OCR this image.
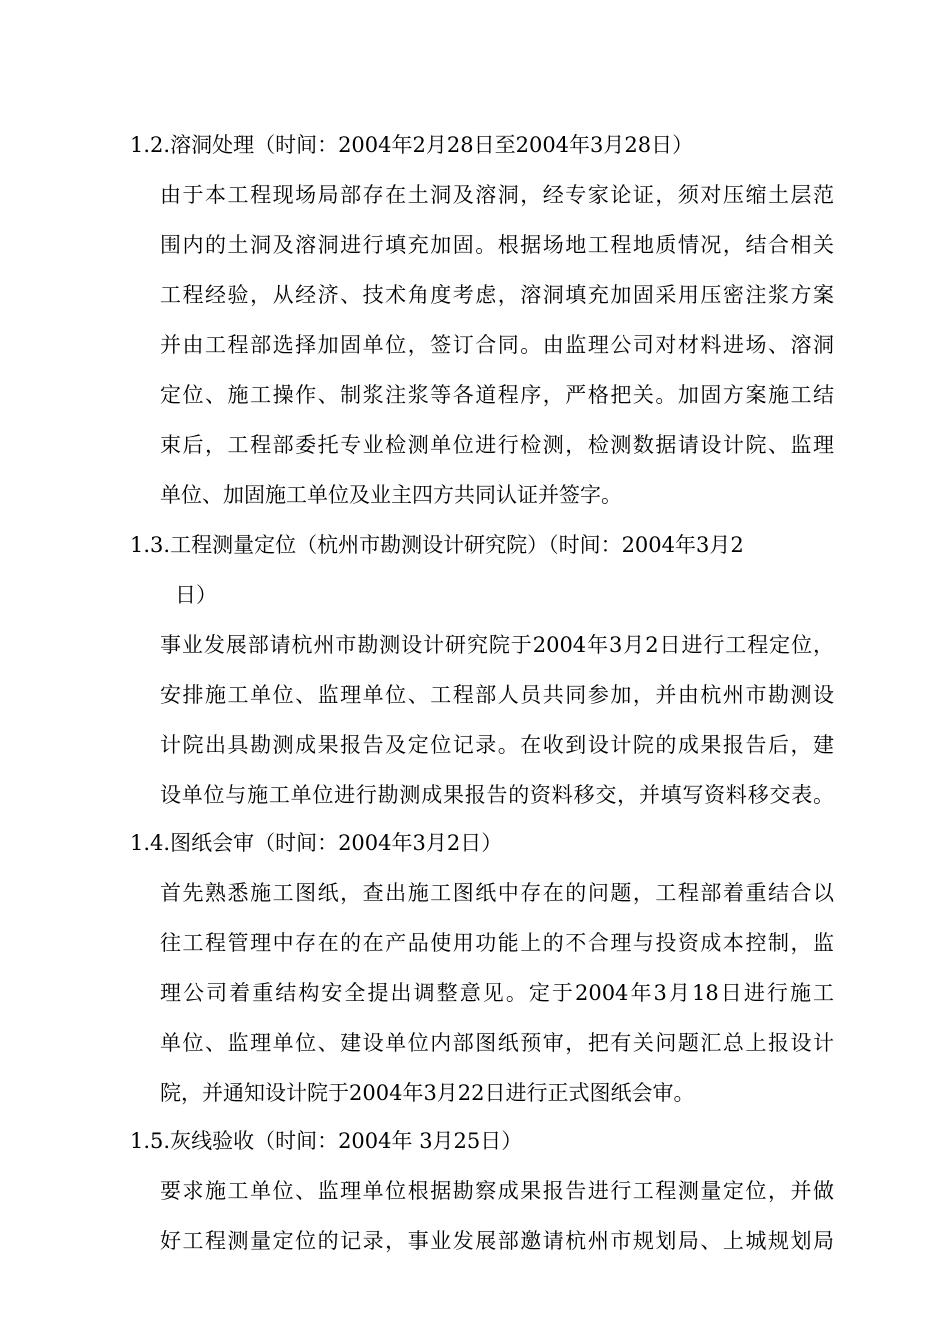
1.2.溶洞处理（时间：2004年2月28日至2004年3月28日）
由于本工程现场局部存在土洞及溶洞，经专家论证，须对压缩土层范
围内的土洞及溶洞进行填充加固。根据场地工程地质情况，结合相关
工程经验，从经济、技术角度考虑，溶洞填充加固采用压密注浆方案
并由工程部选择加固单位，签订合同。由监理公司对材料进场、溶洞
定位、施工操作、制浆注浆等各道程序，严格把关。加固方案施工结
束后，工程部委托专业检测单位进行检测，检测数据请设计院、监理
单位、加固施工单位及业主四方共同认证并签字。
1.3.工程测量定位（杭州市勘测设计研究院）（时间：2004年3月2
日）
事业发展部请杭州市勘测设计研究院于2004年3月2日进行工程定位，
安排施工单位、监理单位、工程部人员共同参加，并由杭州市勘测设
计院出具勘测成果报告及定位记录。在收到设计院的成果报告后，建
设单位与施工单位进行勘测成果报告的资料移交，并填写资料移交表。
1.4.图纸会审（时间：2004年3月2日）
首先熟悉施工图纸，查出施工图纸中存在的问题，工程部着重结合以
往工程管理中存在的在产品使用功能上的不合理与投资成本控制，监
理公司着重结构安全提出调整意见。定于2004年3月18日进行施工
单位、监理单位、建设单位内部图纸预审，把有关问题汇总上报设计
院，并通知设计院于2004年3月22日进行正式图纸会审。
1.5.灰线验收（时间：2004年 3月25日）
要求施工单位、监理单位根据勘察成果报告进行工程测量定位，并做
好工程测量定位的记录，事业发展部邀请杭州市规划局、上城规划局
